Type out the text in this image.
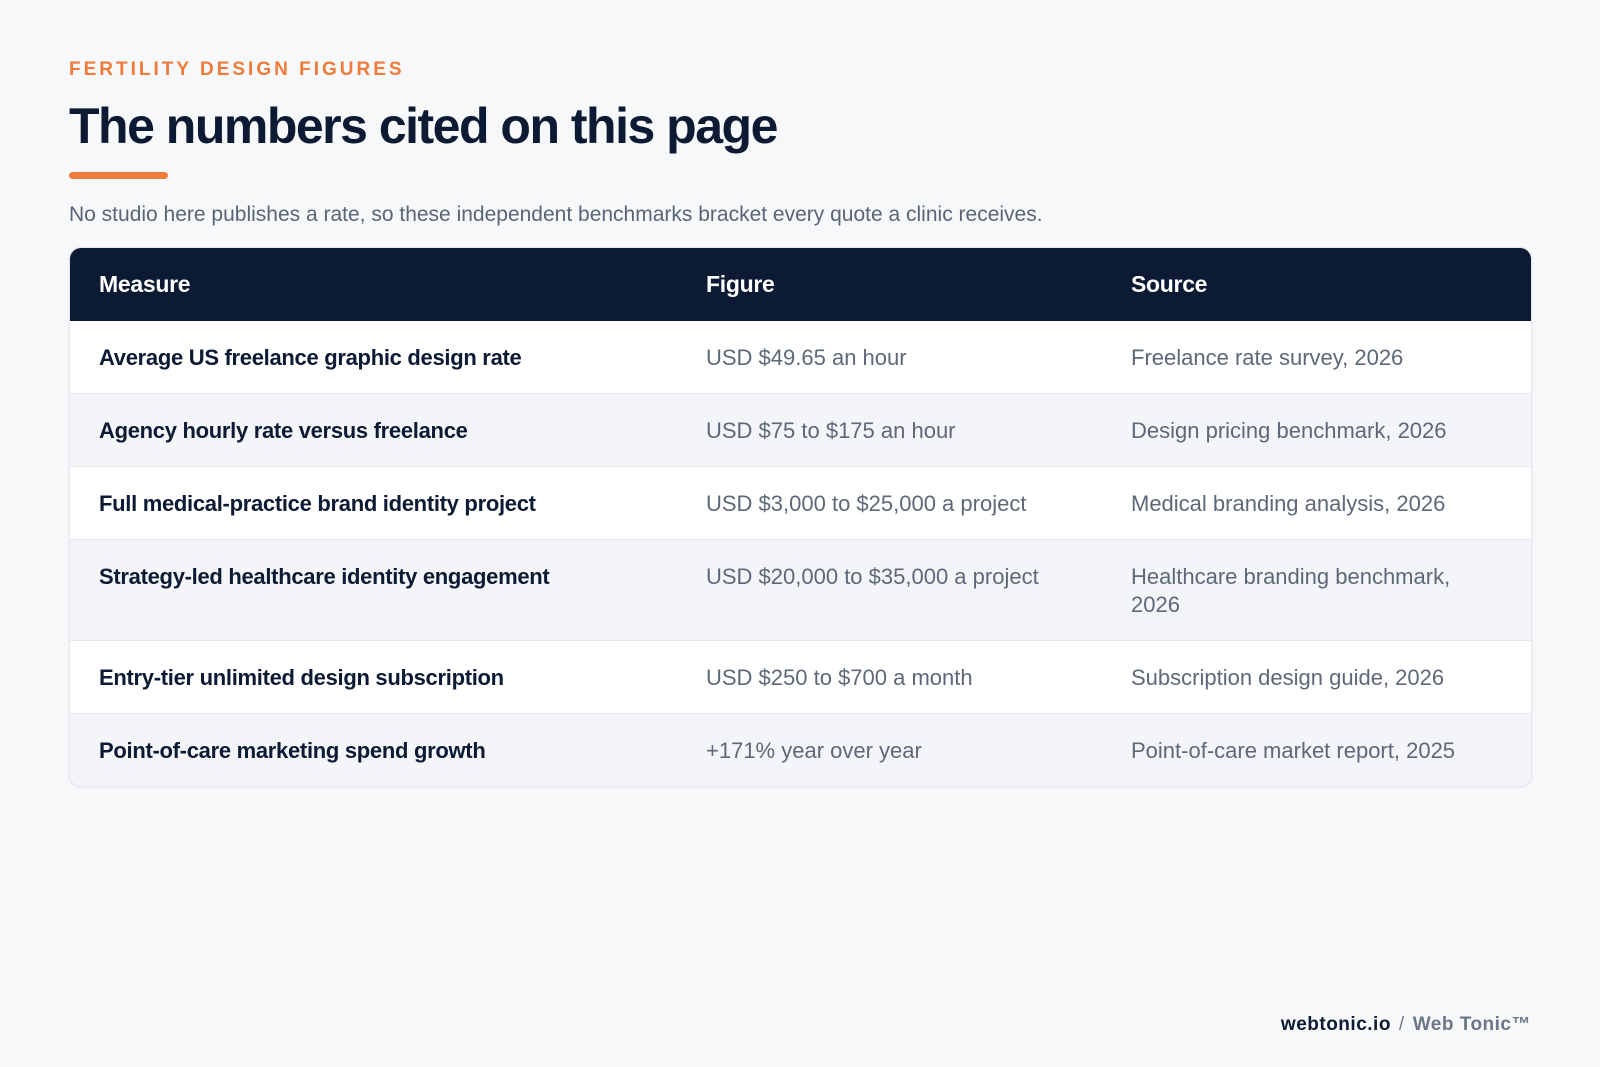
FERTILITY DESIGN FIGURES

The numbers cited on this page

No studio here publishes a rate, so these independent benchmarks bracket every quote a clinic receives.

Measure	Figure	Source
Average US freelance graphic design rate	USD $49.65 an hour	Freelance rate survey, 2026
Agency hourly rate versus freelance	USD $75 to $175 an hour	Design pricing benchmark, 2026
Full medical-practice brand identity project	USD $3,000 to $25,000 a project	Medical branding analysis, 2026
Strategy-led healthcare identity engagement	USD $20,000 to $35,000 a project	Healthcare branding benchmark, 2026
Entry-tier unlimited design subscription	USD $250 to $700 a month	Subscription design guide, 2026
Point-of-care marketing spend growth	+171% year over year	Point-of-care market report, 2025
webtonic.io / Web Tonic™
